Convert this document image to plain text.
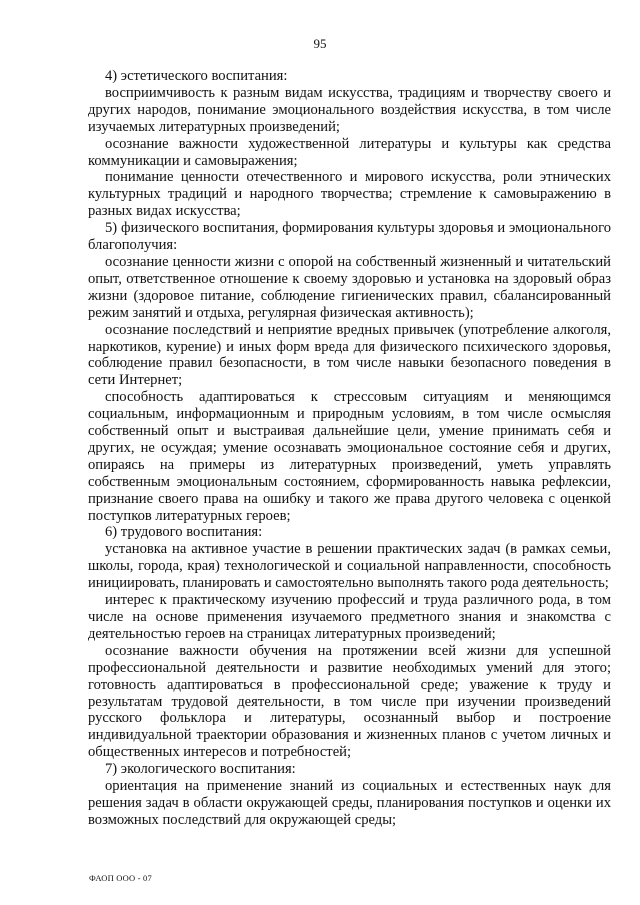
95

4) эстетического воспитания:

восприимчивость к разным видам искусства, традициям и творчеству своего и других народов, понимание эмоционального воздействия искусства, в том числе изучаемых литературных произведений;

осознание важности художественной литературы и культуры как средства коммуникации и самовыражения;

понимание ценности отечественного и мирового искусства, роли этнических культурных традиций и народного творчества; стремление к самовыражению в разных видах искусства;

5) физического воспитания, формирования культуры здоровья и эмоционального благополучия:

осознание ценности жизни с опорой на собственный жизненный и читательский опыт, ответственное отношение к своему здоровью и установка на здоровый образ жизни (здоровое питание, соблюдение гигиенических правил, сбалансированный режим занятий и отдыха, регулярная физическая активность);

осознание последствий и неприятие вредных привычек (употребление алкоголя, наркотиков, курение) и иных форм вреда для физического психического здоровья, соблюдение правил безопасности, в том числе навыки безопасного поведения в сети Интернет;

способность адаптироваться к стрессовым ситуациям и меняющимся социальным, информационным и природным условиям, в том числе осмысляя собственный опыт и выстраивая дальнейшие цели, умение принимать себя и других, не осуждая; умение осознавать эмоциональное состояние себя и других, опираясь на примеры из литературных произведений, уметь управлять собственным эмоциональным состоянием, сформированность навыка рефлексии, признание своего права на ошибку и такого же права другого человека с оценкой поступков литературных героев;

6) трудового воспитания:

установка на активное участие в решении практических задач (в рамках семьи, школы, города, края) технологической и социальной направленности, способность инициировать, планировать и самостоятельно выполнять такого рода деятельность;

интерес к практическому изучению профессий и труда различного рода, в том числе на основе применения изучаемого предметного знания и знакомства с деятельностью героев на страницах литературных произведений;

осознание важности обучения на протяжении всей жизни для успешной профессиональной деятельности и развитие необходимых умений для этого; готовность адаптироваться в профессиональной среде; уважение к труду и результатам трудовой деятельности, в том числе при изучении произведений русского фольклора и литературы, осознанный выбор и построение индивидуальной траектории образования и жизненных планов с учетом личных и общественных интересов и потребностей;

7) экологического воспитания:

ориентация на применение знаний из социальных и естественных наук для решения задач в области окружающей среды, планирования поступков и оценки их возможных последствий для окружающей среды;

ФАОП ООО - 07
